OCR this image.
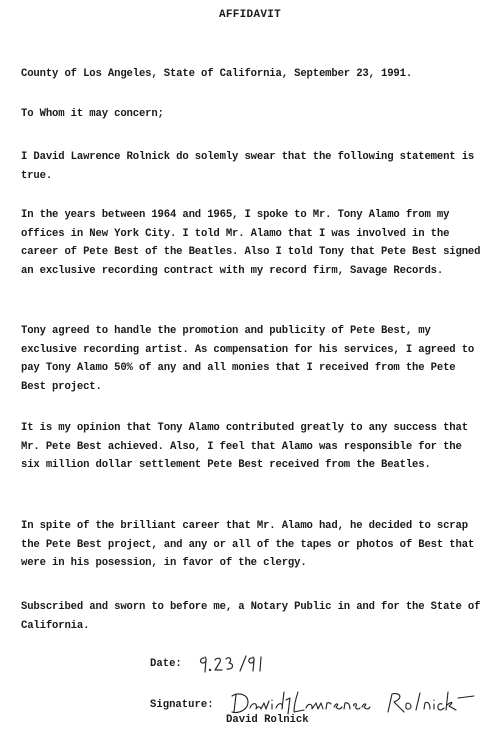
AFFIDAVIT
County of Los Angeles, State of California, September 23, 1991.
To Whom it may concern;
I David Lawrence Rolnick do solemly swear that the following statement is true.
In the years between 1964 and 1965, I spoke to Mr. Tony Alamo from my offices in New York City. I told Mr. Alamo that I was involved in the career of Pete Best of the Beatles. Also I told Tony that Pete Best signed an exclusive recording contract with my record firm, Savage Records.
Tony agreed to handle the promotion and publicity of Pete Best, my exclusive recording artist. As compensation for his services, I agreed to pay Tony Alamo 50% of any and all monies that I received from the Pete Best project.
It is my opinion that Tony Alamo contributed greatly to any success that Mr. Pete Best achieved. Also, I feel that Alamo was responsible for the six million dollar settlement Pete Best received from the Beatles.
In spite of the brilliant career that Mr. Alamo had, he decided to scrap the Pete Best project, and any or all of the tapes or photos of Best that were in his posession, in favor of the clergy.
Subscribed and sworn to before me, a Notary Public in and for the State of California.
Date:
Signature:
David Rolnick
